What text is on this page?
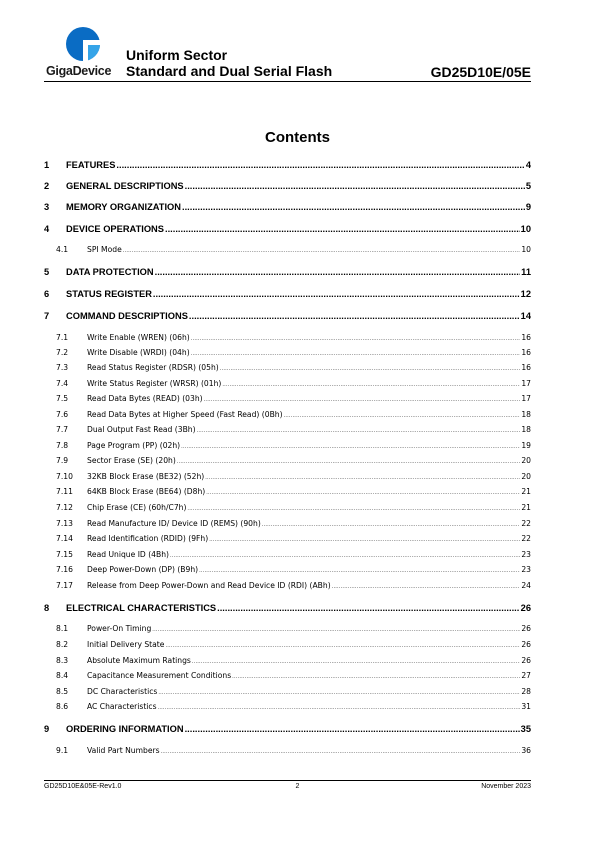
GigaDevice
Uniform Sector
Standard and Dual Serial Flash	GD25D10E/05E
Contents
1	FEATURES .....	4
2	GENERAL DESCRIPTIONS .....	5
3	MEMORY ORGANIZATION .....	9
4	DEVICE OPERATIONS .....	10
4.1	SPI Mode .....	10
5	DATA PROTECTION .....	11
6	STATUS REGISTER .....	12
7	COMMAND DESCRIPTIONS .....	14
7.1	Write Enable (WREN) (06h) .....	16
7.2	Write Disable (WRDI) (04h) .....	16
7.3	Read Status Register (RDSR) (05h) .....	16
7.4	Write Status Register (WRSR) (01h) .....	17
7.5	Read Data Bytes (READ) (03h) .....	17
7.6	Read Data Bytes at Higher Speed (Fast Read) (0Bh) .....	18
7.7	Dual Output Fast Read (3Bh) .....	18
7.8	Page Program (PP) (02h) .....	19
7.9	Sector Erase (SE) (20h) .....	20
7.10	32KB Block Erase (BE32) (52h) .....	20
7.11	64KB Block Erase (BE64) (D8h) .....	21
7.12	Chip Erase (CE) (60h/C7h) .....	21
7.13	Read Manufacture ID/ Device ID (REMS) (90h) .....	22
7.14	Read Identification (RDID) (9Fh) .....	22
7.15	Read Unique ID (4Bh) .....	23
7.16	Deep Power-Down (DP) (B9h) .....	23
7.17	Release from Deep Power-Down and Read Device ID (RDI) (ABh) .....	24
8	ELECTRICAL CHARACTERISTICS .....	26
8.1	Power-On Timing .....	26
8.2	Initial Delivery State .....	26
8.3	Absolute Maximum Ratings .....	26
8.4	Capacitance Measurement Conditions .....	27
8.5	DC Characteristics .....	28
8.6	AC Characteristics .....	31
9	ORDERING INFORMATION .....	35
9.1	Valid Part Numbers .....	36
GD25D10E&05E-Rev1.0	2	November 2023
